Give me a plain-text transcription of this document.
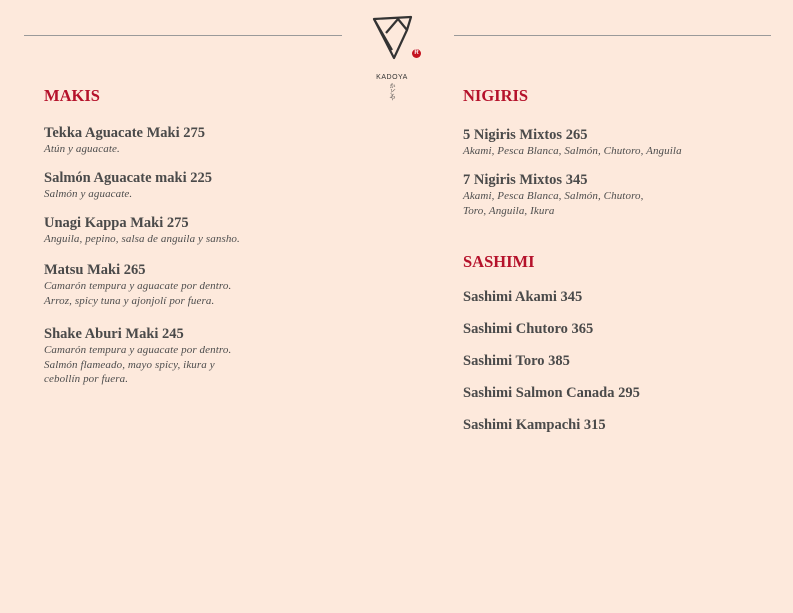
R
KADOYA
かどや
MAKIS
Tekka Aguacate Maki 275
Atún y aguacate.
Salmón Aguacate maki 225
Salmón y aguacate.
Unagi Kappa Maki 275
Anguila, pepino, salsa de anguila y sansho.
Matsu Maki 265
Camarón tempura y aguacate por dentro.
Arroz, spicy tuna y ajonjolí por fuera.
Shake Aburi Maki 245
Camarón tempura y aguacate por dentro.
Salmón flameado, mayo spicy, ikura y
cebollín por fuera.
NIGIRIS
5 Nigiris Mixtos 265
Akami, Pesca Blanca, Salmón, Chutoro, Anguila
7 Nigiris Mixtos 345
Akami, Pesca Blanca, Salmón, Chutoro,
Toro, Anguila, Ikura
SASHIMI
Sashimi Akami 345
Sashimi Chutoro 365
Sashimi Toro 385
Sashimi Salmon Canada 295
Sashimi Kampachi 315
